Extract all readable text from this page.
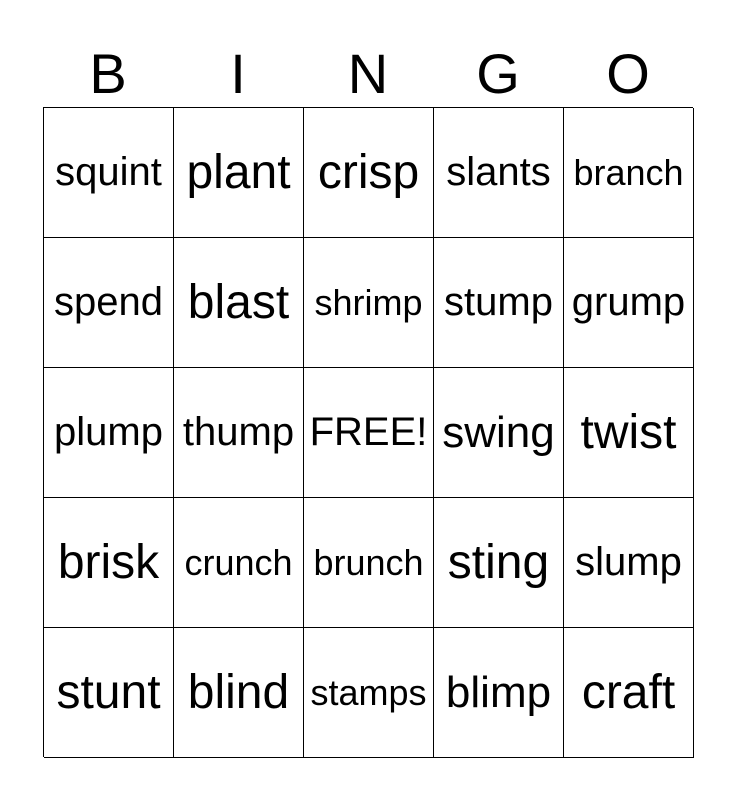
B	I	N	G	O
squint plant crisp slants branch
spend blast shrimp stump grump
plump thump FREE! swing twist
brisk crunch brunch sting slump
stunt blind stamps blimp craft
